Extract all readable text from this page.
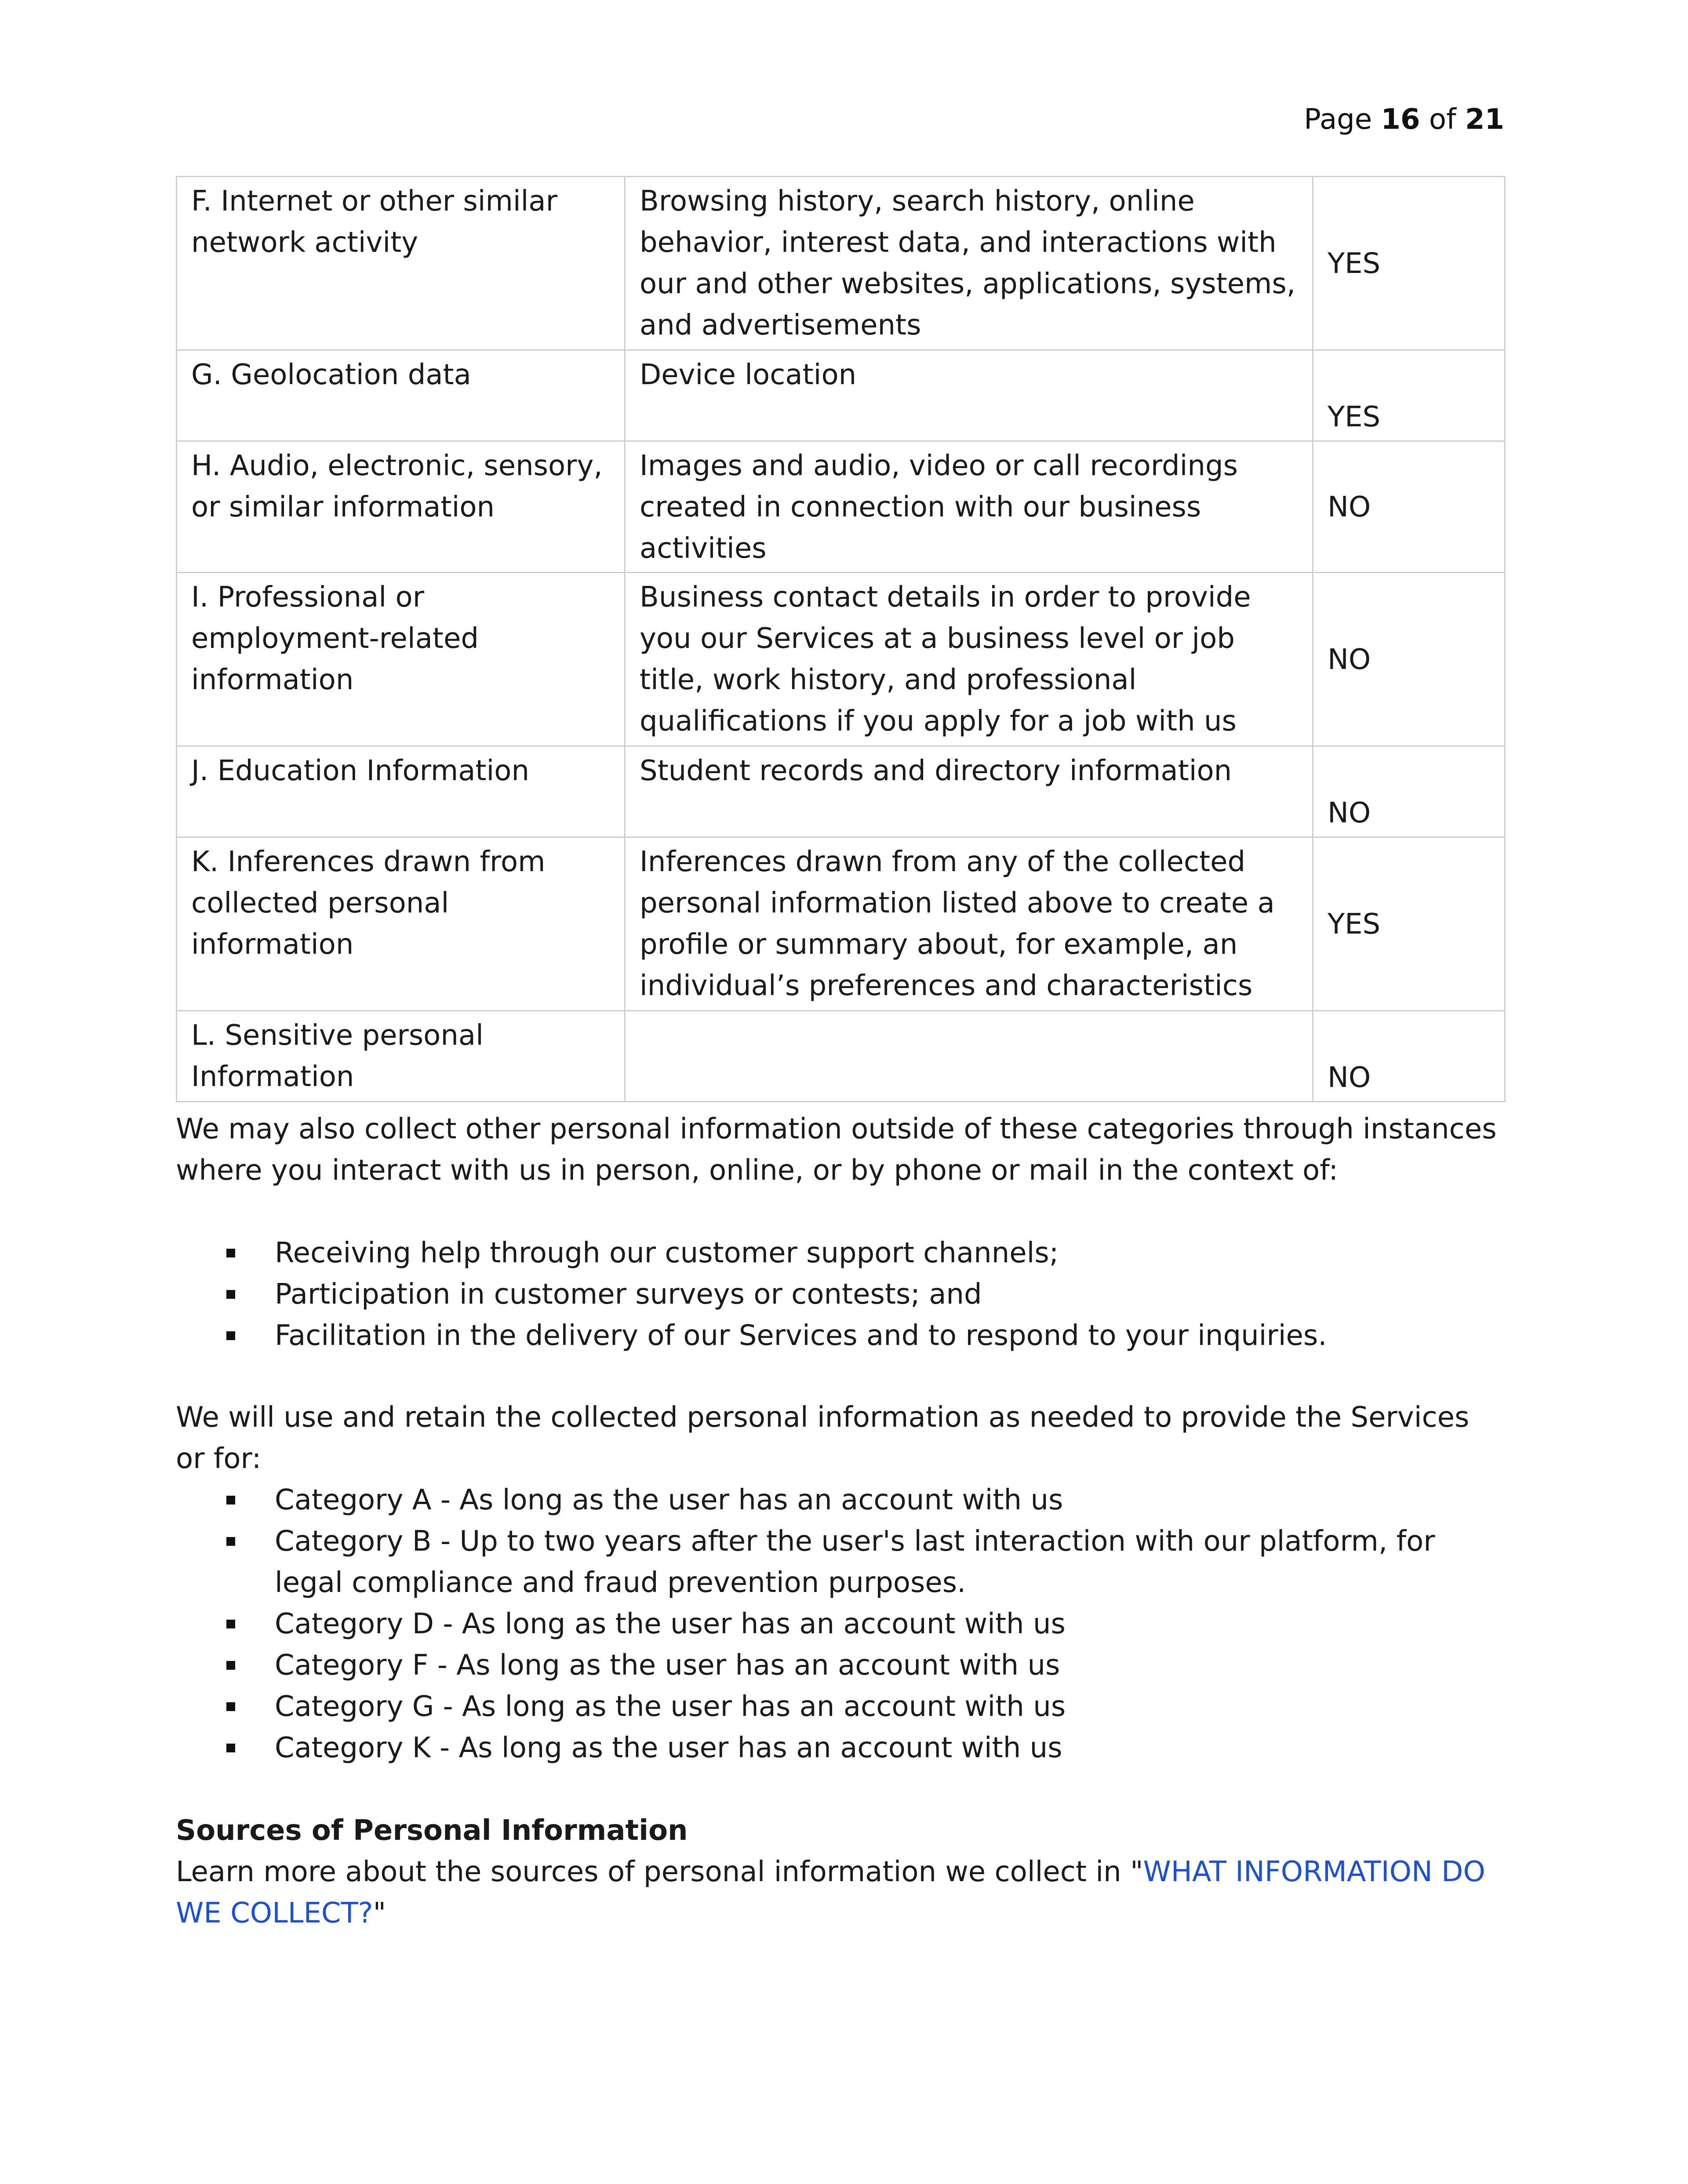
Page 16 of 21
F. Internet or other similar network activity	Browsing history, search history, online behavior, interest data, and interactions with our and other websites, applications, systems, and advertisements	YES
G. Geolocation data	Device location	YES
H. Audio, electronic, sensory, or similar information	Images and audio, video or call recordings created in connection with our business activities	NO
I. Professional or employment-related information	Business contact details in order to provide you our Services at a business level or job title, work history, and professional qualifications if you apply for a job with us	NO
J. Education Information	Student records and directory information	NO
K. Inferences drawn from collected personal information	Inferences drawn from any of the collected personal information listed above to create a profile or summary about, for example, an individual’s preferences and characteristics	YES
L. Sensitive personal Information		NO

We may also collect other personal information outside of these categories through instances where you interact with us in person, online, or by phone or mail in the context of:

Receiving help through our customer support channels;
Participation in customer surveys or contests; and
Facilitation in the delivery of our Services and to respond to your inquiries.

We will use and retain the collected personal information as needed to provide the Services or for:

Category A - As long as the user has an account with us
Category B - Up to two years after the user's last interaction with our platform, for legal compliance and fraud prevention purposes.
Category D - As long as the user has an account with us
Category F - As long as the user has an account with us
Category G - As long as the user has an account with us
Category K - As long as the user has an account with us

Sources of Personal Information

Learn more about the sources of personal information we collect in "WHAT INFORMATION DO WE COLLECT?"
